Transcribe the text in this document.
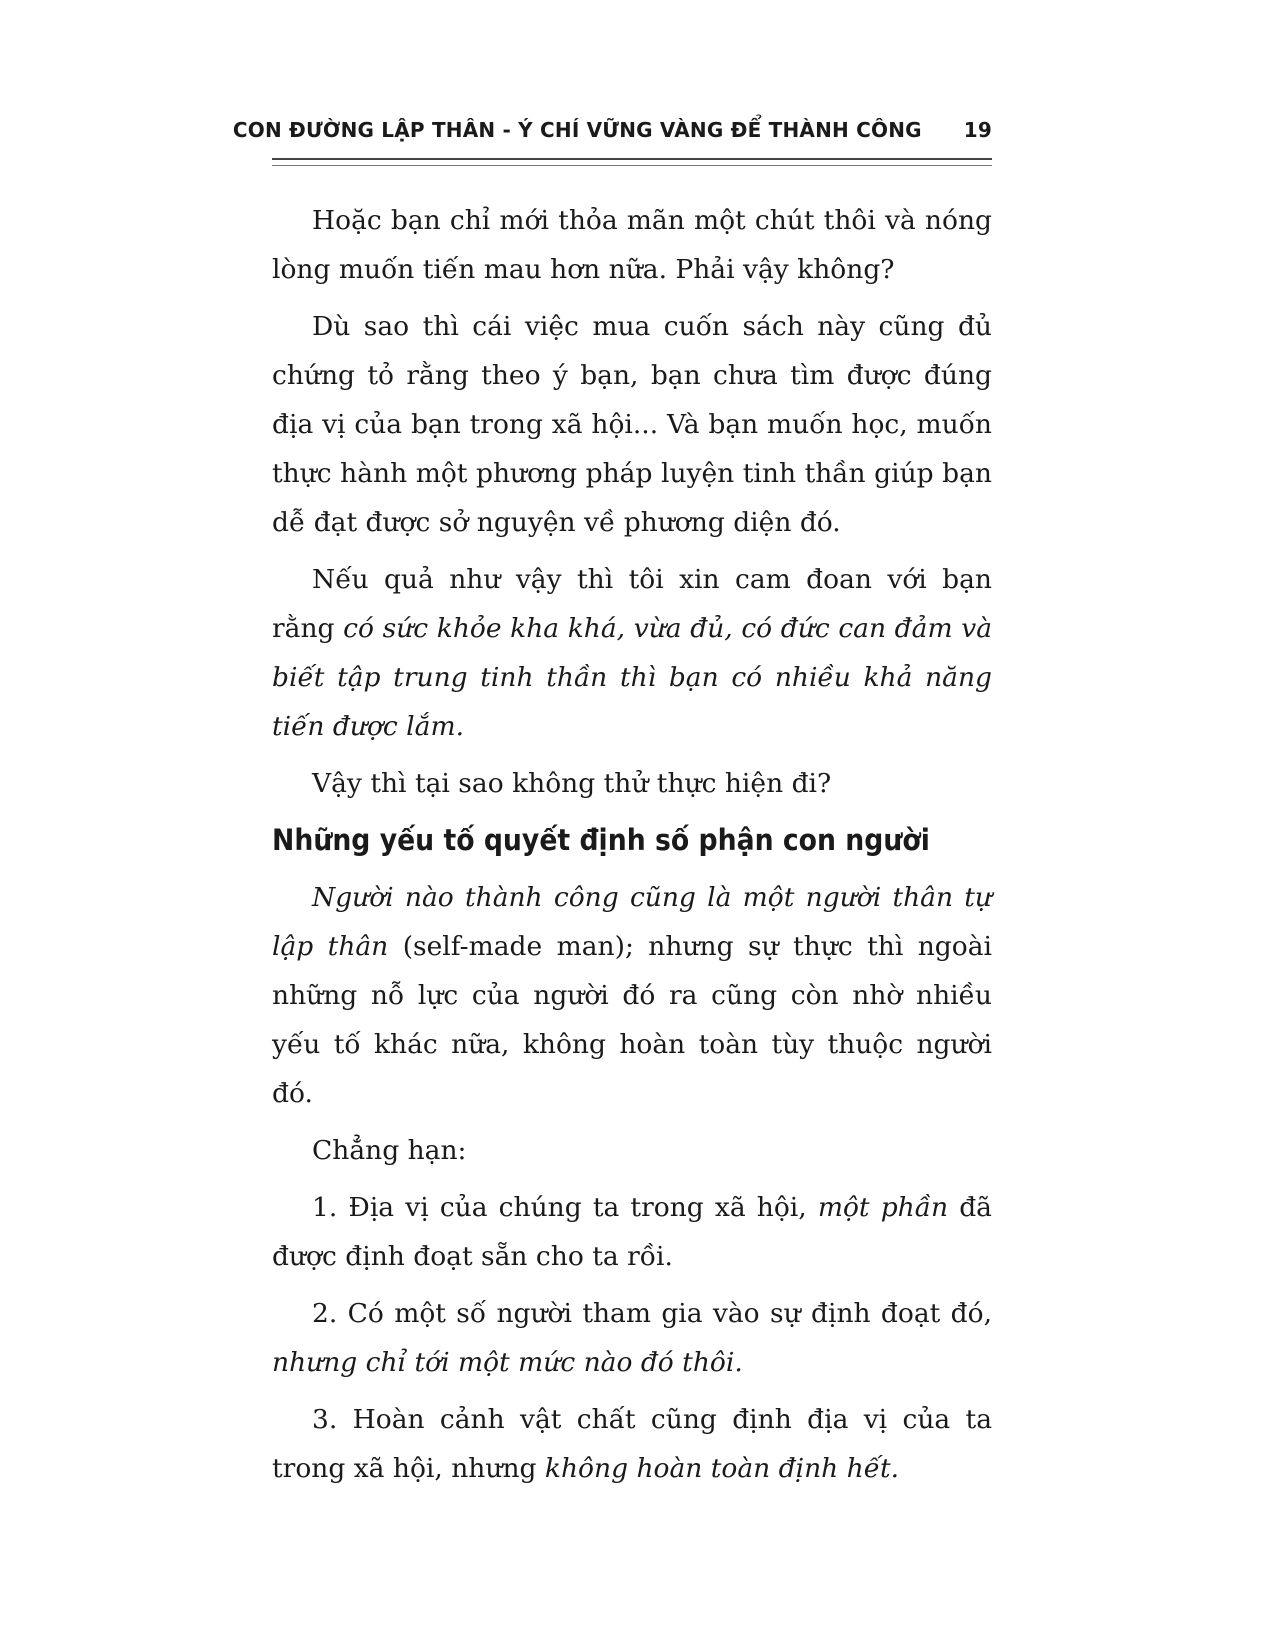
CON ĐƯỜNG LẬP THÂN - Ý CHÍ VỮNG VÀNG ĐỂ THÀNH CÔNG 19

Hoặc bạn chỉ mới thỏa mãn một chút thôi và nóng lòng muốn tiến mau hơn nữa. Phải vậy không?

Dù sao thì cái việc mua cuốn sách này cũng đủ chứng tỏ rằng theo ý bạn, bạn chưa tìm được đúng địa vị của bạn trong xã hội... Và bạn muốn học, muốn thực hành một phương pháp luyện tinh thần giúp bạn dễ đạt được sở nguyện về phương diện đó.

Nếu quả như vậy thì tôi xin cam đoan với bạn rằng có sức khỏe kha khá, vừa đủ, có đức can đảm và biết tập trung tinh thần thì bạn có nhiều khả năng tiến được lắm.

Vậy thì tại sao không thử thực hiện đi?

Những yếu tố quyết định số phận con người

Người nào thành công cũng là một người thân tự lập thân (self-made man); nhưng sự thực thì ngoài những nỗ lực của người đó ra cũng còn nhờ nhiều yếu tố khác nữa, không hoàn toàn tùy thuộc người đó.

Chẳng hạn:

1. Địa vị của chúng ta trong xã hội, một phần đã được định đoạt sẵn cho ta rồi.

2. Có một số người tham gia vào sự định đoạt đó, nhưng chỉ tới một mức nào đó thôi.

3. Hoàn cảnh vật chất cũng định địa vị của ta trong xã hội, nhưng không hoàn toàn định hết.
